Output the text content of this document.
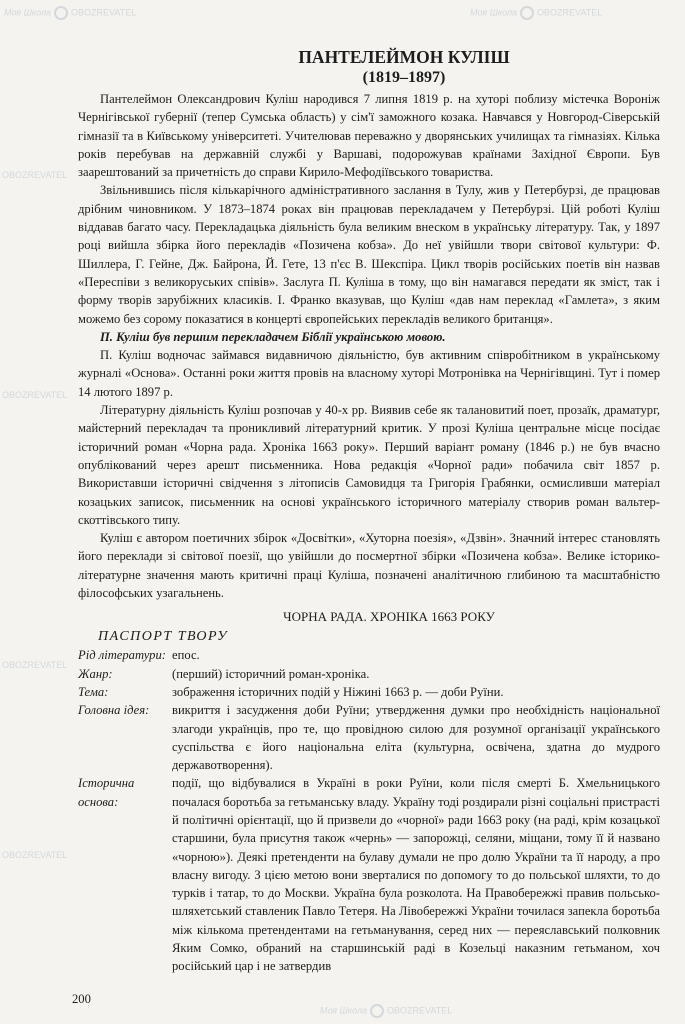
Моя Школа OBOZREVATEL	Моя Школа OBOZREVATEL
OBOZREVATEL
OBOZREVATEL
OBOZREVATEL
OBOZREVATEL
Моя Школа OBOZREVATEL
ПАНТЕЛЕЙМОН КУЛІШ
(1819–1897)

Пантелеймон Олександрович Куліш народився 7 липня 1819 р. на хуторі поблизу містечка Воронiж Чернігівської губернії (тепер Сумська область) у сім'ї заможного козака. Навчався у Новгород-Сіверській гімназії та в Київському університеті. Учителював переважно у дворянських училищах та гімназіях. Кілька років перебував на державній службі у Варшаві, подорожував країнами Західної Європи. Був заарештований за причетність до справи Кирило-Мефодіївського товариства.

Звільнившись після кількарічного адміністративного заслання в Тулу, жив у Петербурзі, де працював дрібним чиновником. У 1873–1874 роках він працював перекладачем у Петербурзі. Цій роботі Куліш віддавав багато часу. Перекладацька діяльність була великим внеском в українську літературу. Так, у 1897 році вийшла збірка його перекладів «Позичена кобза». До неї увійшли твори світової культури: Ф. Шиллера, Г. Гейне, Дж. Байрона, Й. Гете, 13 п'єс В. Шекспіра. Цикл творів російських поетів він назвав «Переспіви з великоруських співів». Заслуга П. Куліша в тому, що він намагався передати як зміст, так і форму творів зарубіжних класиків. І. Франко вказував, що Куліш «дав нам переклад «Гамлета», з яким можемо без сорому показатися в концерті європейських перекладів великого британця».

П. Куліш був першим перекладачем Біблії українською мовою.

П. Куліш водночас займався видавничою діяльністю, був активним співробітником в українському журналі «Основа». Останні роки життя провів на власному хуторі Мотронівка на Чернігівщині. Тут і помер 14 лютого 1897 р.

Літературну діяльність Куліш розпочав у 40-х рр. Виявив себе як талановитий поет, прозаїк, драматург, майстерний перекладач та проникливий літературний критик. У прозі Куліша центральне місце посідає історичний роман «Чорна рада. Хроніка 1663 року». Перший варіант роману (1846 р.) не був вчасно опублікований через арешт письменника. Нова редакція «Чорної ради» побачила світ 1857 р. Використавши історичні свідчення з літописів Самовидця та Григорія Грабянки, осмисливши матеріал козацьких записок, письменник на основі українського історичного матеріалу створив роман вальтер-скоттівського типу.

Куліш є автором поетичних збірок «Досвітки», «Хуторна поезія», «Дзвін». Значний інтерес становлять його переклади зі світової поезії, що увійшли до посмертної збірки «Позичена кобза». Велике історико-літературне значення мають критичні праці Куліша, позначені аналітичною глибиною та масштабністю філософських узагальнень.

ЧОРНА РАДА. ХРОНІКА 1663 РОКУ
ПАСПОРТ ТВОРУ
Рід літератури: епос.
Жанр:	(перший) історичний роман-хроніка.
Тема:	зображення історичних подій у Ніжині 1663 р. — доби Руїни.
Головна ідея:	викриття і засудження доби Руїни; утвердження думки про необхідність національної злагоди українців, про те, що провідною силою для розумної організації українського суспільства є його національна еліта (культурна, освічена, здатна до мудрого державотворення).
Історична основа:
події, що відбувалися в Україні в роки Руїни, коли після смерті Б. Хмельницького почалася боротьба за гетьманську владу. Україну тоді роздирали різні соціальні пристрасті й політичні орієнтації, що й призвели до «чорної» ради 1663 року (на раді, крім козацької старшини, була присутня також «чернь» — запорожці, селяни, міщани, тому її й названо «чорною»). Деякі претенденти на булаву думали не про долю України та її народу, а про власну вигоду. З цією метою вони зверталися по допомогу то до польської шляхти, то до турків і татар, то до Москви. Україна була розколота. На Правобережжі правив польсько-шляхетський ставленик Павло Тетеря. На Лівобережжі України точилася запекла боротьба між кількома претендентами на гетьманування, серед них — переяславський полковник Яким Сомко, обраний на старшинській раді в Козельці наказним гетьманом, хоч російський цар і не затвердив
200
